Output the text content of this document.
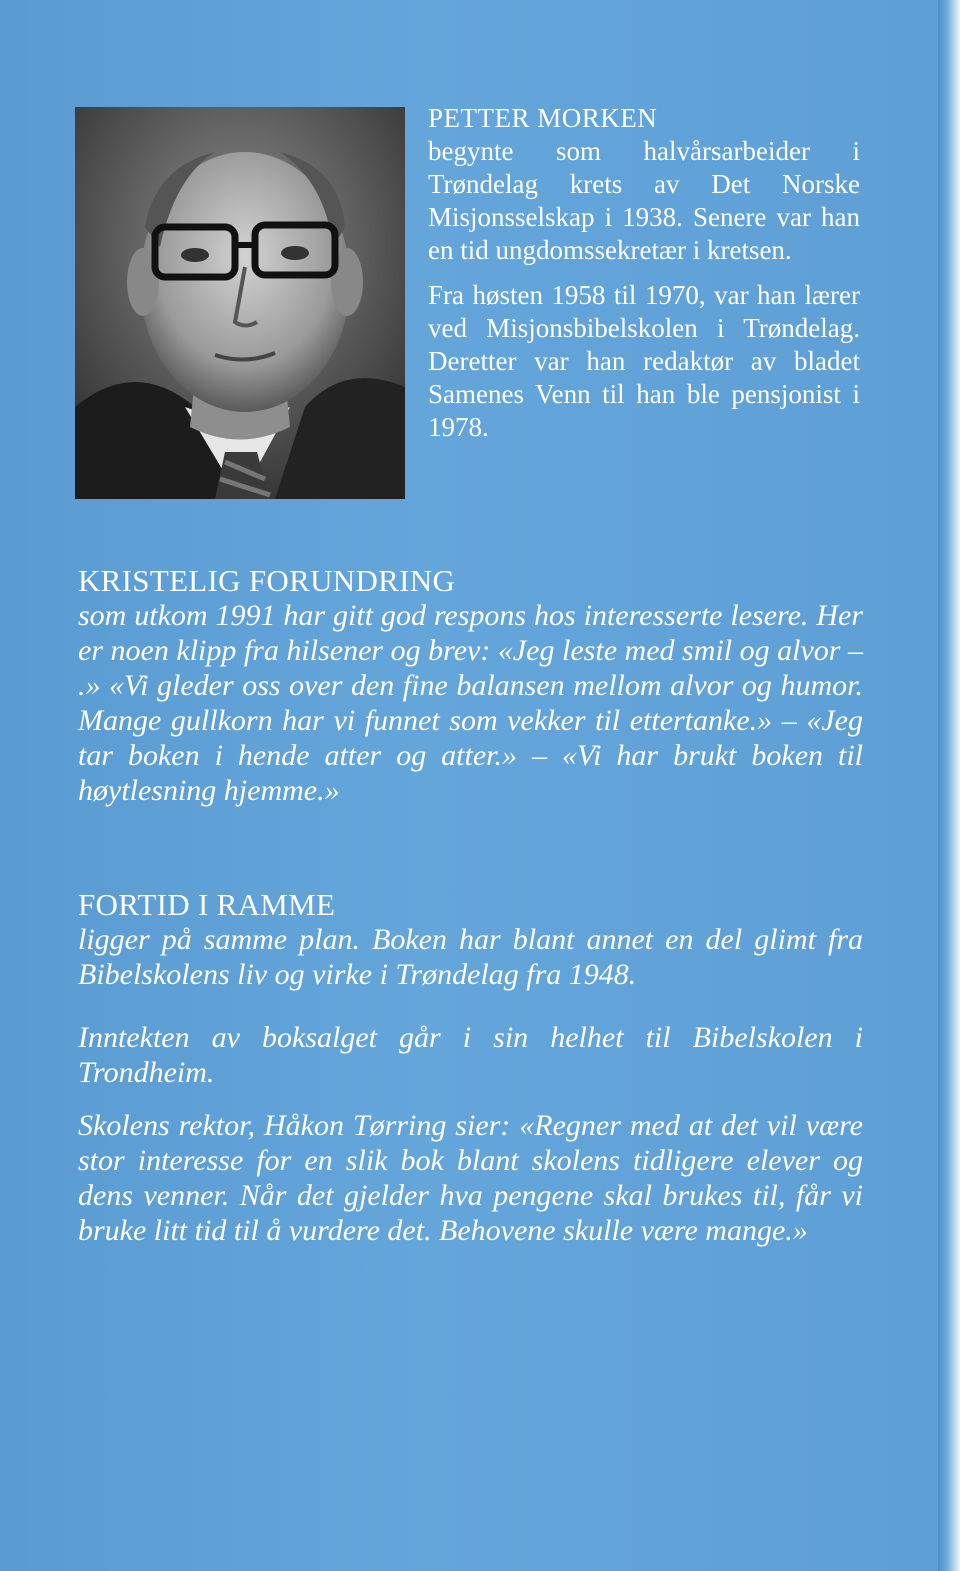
PETTER MORKEN

begynte som halvårsarbeider i Trøndelag krets av Det Norske Misjonsselskap i 1938. Senere var han en tid ungdomssekretær i kretsen.

Fra høsten 1958 til 1970, var han lærer ved Misjonsbibelskolen i Trøndelag. Deretter var han redaktør av bladet Samenes Venn til han ble pensjonist i 1978.

KRISTELIG FORUNDRING
som utkom 1991 har gitt god respons hos interesserte lesere. Her er noen klipp fra hilsener og brev: «Jeg leste med smil og alvor – .» «Vi gleder oss over den fine balansen mellom alvor og humor. Mange gullkorn har vi funnet som vekker til ettertanke.» – «Jeg tar boken i hende atter og atter.» – «Vi har brukt boken til høytlesning hjemme.»
FORTID I RAMME
ligger på samme plan. Boken har blant annet en del glimt fra Bibelskolens liv og virke i Trøndelag fra 1948.

Inntekten av boksalget går i sin helhet til Bibelskolen i Trondheim.

Skolens rektor, Håkon Tørring sier: «Regner med at det vil være stor interesse for en slik bok blant skolens tidligere elever og dens venner. Når det gjelder hva pengene skal brukes til, får vi bruke litt tid til å vurdere det. Behovene skulle være mange.»
